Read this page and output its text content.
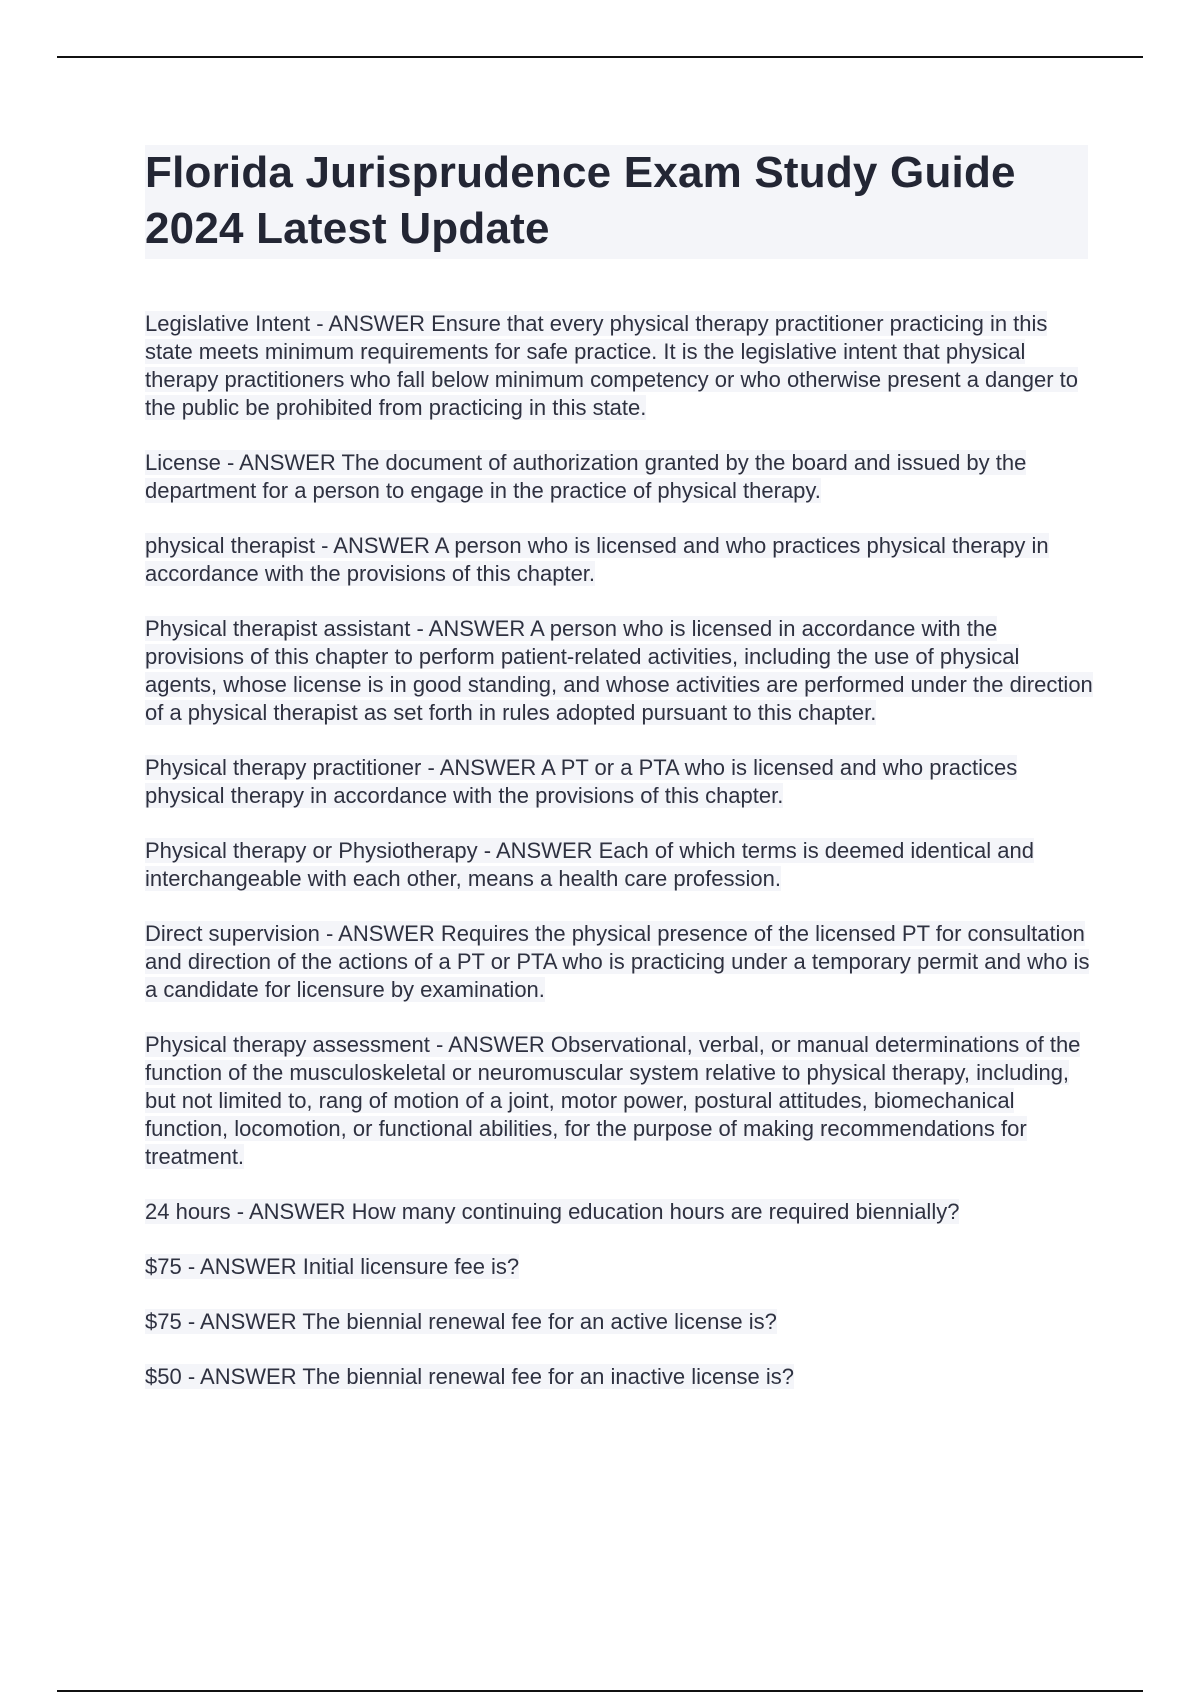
Florida Jurisprudence Exam Study Guide 2024 Latest Update

Legislative Intent - ANSWER Ensure that every physical therapy practitioner practicing in this state meets minimum requirements for safe practice. It is the legislative intent that physical therapy practitioners who fall below minimum competency or who otherwise present a danger to the public be prohibited from practicing in this state.

License - ANSWER The document of authorization granted by the board and issued by the department for a person to engage in the practice of physical therapy.

physical therapist - ANSWER A person who is licensed and who practices physical therapy in accordance with the provisions of this chapter.

Physical therapist assistant - ANSWER A person who is licensed in accordance with the provisions of this chapter to perform patient-related activities, including the use of physical agents, whose license is in good standing, and whose activities are performed under the direction of a physical therapist as set forth in rules adopted pursuant to this chapter.

Physical therapy practitioner - ANSWER A PT or a PTA who is licensed and who practices physical therapy in accordance with the provisions of this chapter.

Physical therapy or Physiotherapy - ANSWER Each of which terms is deemed identical and interchangeable with each other, means a health care profession.

Direct supervision - ANSWER Requires the physical presence of the licensed PT for consultation and direction of the actions of a PT or PTA who is practicing under a temporary permit and who is a candidate for licensure by examination.

Physical therapy assessment - ANSWER Observational, verbal, or manual determinations of the function of the musculoskeletal or neuromuscular system relative to physical therapy, including, but not limited to, rang of motion of a joint, motor power, postural attitudes, biomechanical function, locomotion, or functional abilities, for the purpose of making recommendations for treatment.

24 hours - ANSWER How many continuing education hours are required biennially?

$75 - ANSWER Initial licensure fee is?

$75 - ANSWER The biennial renewal fee for an active license is?

$50 - ANSWER The biennial renewal fee for an inactive license is?
